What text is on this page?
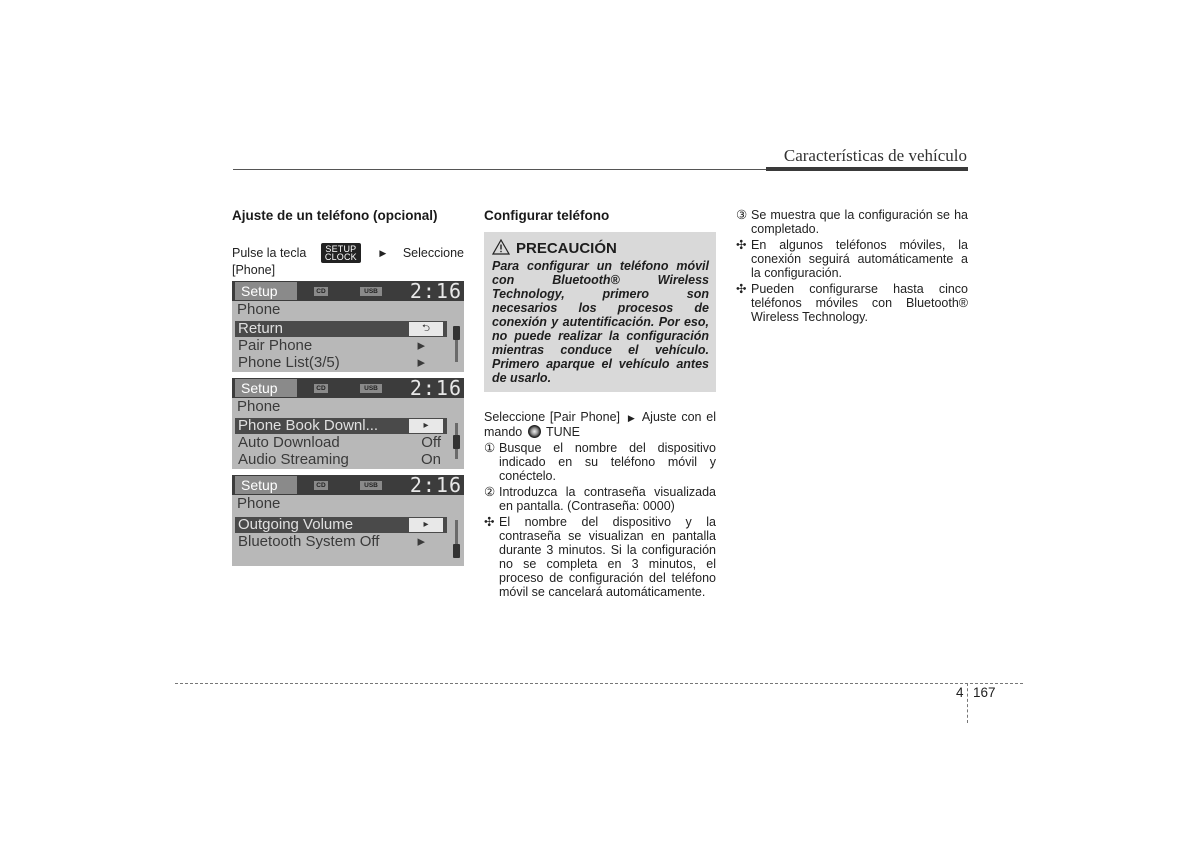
Características de vehículo
Ajuste de un teléfono (opcional)
Pulse la tecla	SETUP
CLOCK	▶ Seleccione
[Phone]
Setup	CD	USB 2:16
Phone
Return	⮌
Pair Phone	▸
Phone List(3/5)	▸
Setup	CD	USB 2:16
Phone
Phone Book Downl...	▸
Auto Download	Off
Audio Streaming	On
Setup	CD	USB 2:16
Phone
Outgoing Volume	▸
Bluetooth System Off	▸
Configurar teléfono
PRECAUCIÓN
Para configurar un teléfono móvil con Bluetooth® Wireless Technology, primero son necesarios los procesos de conexión y autentificación. Por eso, no puede realizar la configuración mientras conduce el vehículo. Primero aparque el vehículo antes de usarlo.
Seleccione [Pair Phone] ▶ Ajuste con el mando TUNE
① Busque el nombre del dispositivo indicado en su teléfono móvil y conéctelo.
② Introduzca la contraseña visualizada en pantalla. (Contraseña: 0000)
✣ El nombre del dispositivo y la contraseña se visualizan en pantalla durante 3 minutos. Si la configuración no se completa en 3 minutos, el proceso de configuración del teléfono móvil se cancelará automáticamente.
③ Se muestra que la configuración se ha completado.
✣ En algunos teléfonos móviles, la conexión seguirá automáticamente a la configuración.
✣ Pueden configurarse hasta cinco teléfonos móviles con Bluetooth® Wireless Technology.
4 167
